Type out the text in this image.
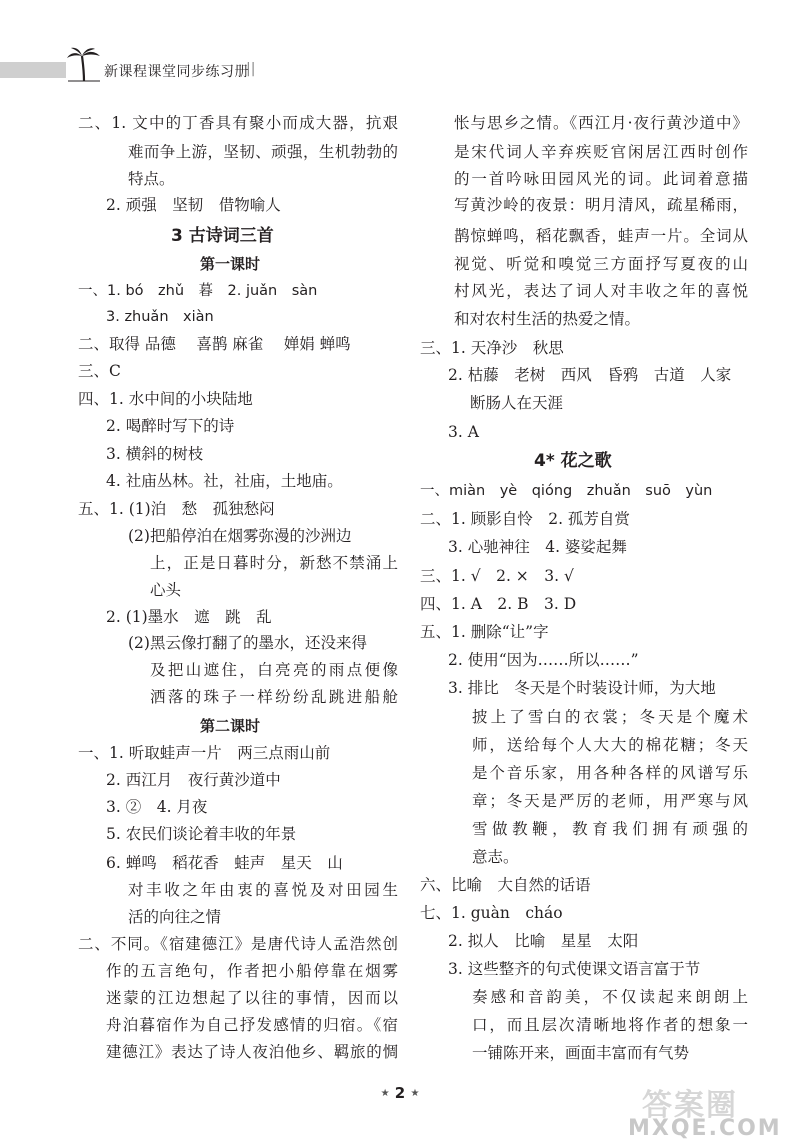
新课程课堂同步练习册
||
二、1. 文中的丁香具有聚小而成大器，抗艰
难而争上游，坚韧、顽强，生机勃勃的
特点。
2. 顽强　坚韧　借物喻人
3 古诗词三首
第一课时
一、1. bó　zhǔ　暮　2. juǎn　sàn
3. zhuǎn　xiàn
二、取得 品德　 喜鹊 麻雀　 婵娟 蝉鸣
三、C
四、1. 水中间的小块陆地
2. 喝醉时写下的诗
3. 横斜的树枝
4. 社庙丛林。社，社庙，土地庙。
五、1. (1)泊　愁　孤独愁闷
(2)把船停泊在烟雾弥漫的沙洲边
上，正是日暮时分，新愁不禁涌上
心头
2. (1)墨水　遮　跳　乱
(2)黑云像打翻了的墨水，还没来得
及把山遮住，白亮亮的雨点便像
洒落的珠子一样纷纷乱跳进船舱
第二课时
一、1. 听取蛙声一片　两三点雨山前
2. 西江月　夜行黄沙道中
3. ②　4. 月夜
5. 农民们谈论着丰收的年景
6. 蝉鸣　稻花香　蛙声　星天　山
对丰收之年由衷的喜悦及对田园生
活的向往之情
二、不同。《宿建德江》是唐代诗人孟浩然创
作的五言绝句，作者把小船停靠在烟雾
迷蒙的江边想起了以往的事情，因而以
舟泊暮宿作为自己抒发感情的归宿。《宿
建德江》表达了诗人夜泊他乡、羁旅的惆
怅与思乡之情。《西江月·夜行黄沙道中》
是宋代词人辛弃疾贬官闲居江西时创作
的一首吟咏田园风光的词。此词着意描
写黄沙岭的夜景：明月清风，疏星稀雨，
鹊惊蝉鸣，稻花飘香，蛙声一片。全词从
视觉、听觉和嗅觉三方面抒写夏夜的山
村风光，表达了词人对丰收之年的喜悦
和对农村生活的热爱之情。
三、1. 天净沙　秋思
2. 枯藤　老树　西风　昏鸦　古道　人家
断肠人在天涯
3. A
4* 花之歌
一、miàn　yè　qióng　zhuǎn　suō　yùn
二、1. 顾影自怜　2. 孤芳自赏
3. 心驰神往　4. 婆娑起舞
三、1. √　2. ×　3. √
四、1. A　2. B　3. D
五、1. 删除“让”字
2. 使用“因为……所以……”
3. 排比　冬天是个时装设计师，为大地
披上了雪白的衣裳；冬天是个魔术
师，送给每个人大大的棉花糖；冬天
是个音乐家，用各种各样的风谱写乐
章；冬天是严厉的老师，用严寒与风
雪做教鞭，教育我们拥有顽强的
意志。
六、比喻　大自然的话语
七、1. guàn　cháo
2. 拟人　比喻　星星　太阳
3. 这些整齐的句式使课文语言富于节
奏感和音韵美，不仅读起来朗朗上
口，而且层次清晰地将作者的想象一
一铺陈开来，画面丰富而有气势
★ 2 ★	答案圈
MXQE.COM
